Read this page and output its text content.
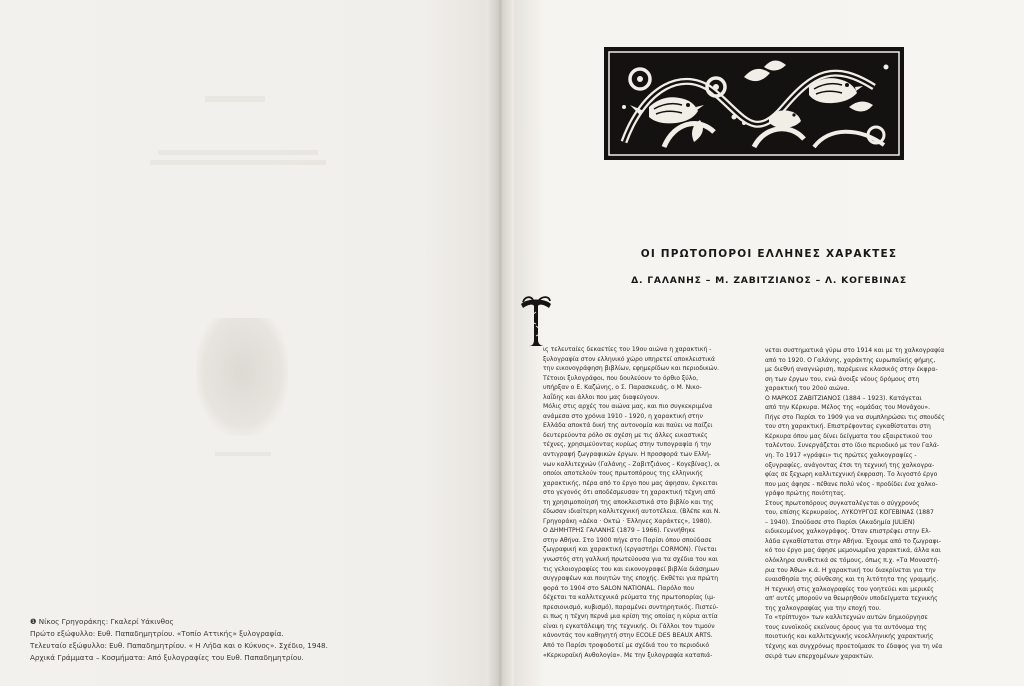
❶ Νίκος Γρηγοράκης: Γκαλερί Υάκινθος
Πρώτο εξώφυλλο: Ευθ. Παπαδημητρίου. «Τοπίο Αττικής» ξυλογραφία.
Τελευταίο εξώφυλλο: Ευθ. Παπαδημητρίου. « Η Λήδα και ο Κύκνος». Σχέδιο, 1948.
Αρχικά Γράμματα – Κοσμήματα: Από ξυλογραφίες του Ευθ. Παπαδημητρίου.
ΟΙ ΠΡΩΤΟΠΟΡΟΙ ΕΛΛΗΝΕΣ ΧΑΡΑΚΤΕΣ
Δ. ΓΑΛΑΝΗΣ – Μ. ΖΑΒΙΤΖΙΑΝΟΣ – Λ. ΚΟΓΕΒΙΝΑΣ
ις τελευταίες δεκαετίες του 19ου αιώνα η χαρακτική -
ξυλογραφία στον ελληνικό χώρο υπηρετεί αποκλειστικά
την εικονογράφηση βιβλίων, εφημερίδων και περιοδικών.
Τέτοιοι ξυλογράφοι, που δουλεύουν το όρθιο ξύλο,
υπήρξαν ο Ε. Καζώνης, ο Σ. Παρασκευάς, ο Μ. Νικο-
λαΐδης και άλλοι που μας διαφεύγουν.
Μόλις στις αρχές του αιώνα μας, και πιο συγκεκριμένα
ανάμεσα στο χρόνια 1910 - 1920, η χαρακτική στην
Ελλάδα αποκτά δική της αυτονομία και παύει να παίζει
δευτερεύοντα ρόλο σε σχέση με τις άλλες εικαστικές
τέχνες, χρησιμεύοντας κυρίως στην τυπογραφία ή την
αντιγραφή ζωγραφικών έργων. Η προσφορά των Ελλή-
νων καλλιτεχνών (Γαλάνης - Ζαβιτζιάνος - Κογεβίνας), οι
οποίοι αποτελούν τους πρωτοπόρους της ελληνικής
χαρακτικής, πέρα από το έργο που μας άφησαν, έγκειται
στο γεγονός ότι αποδέσμευσαν τη χαρακτική τέχνη από
τη χρησιμοποίησή της αποκλειστικά στο βιβλίο και της
έδωσαν ιδιαίτερη καλλιτεχνική αυτοτέλεια. (Βλέπε και Ν.
Γρηγοράκη «Δέκα · Οκτώ · Έλληνες Χαράκτες», 1980).
Ο ΔΗΜΗΤΡΗΣ ΓΑΛΑΝΗΣ (1879 – 1966). Γεννήθηκε
στην Αθήνα. Στο 1900 πήγε στο Παρίσι όπου σπούδασε
ζωγραφική και χαρακτική (εργαστήρι CORMON). Γίνεται
γνωστός στη γαλλική πρωτεύουσα για τα σχέδια του και
τις γελοιογραφίες του και εικονογραφεί βιβλία διάσημων
συγγραφέων και ποιητών της εποχής. Εκθέτει για πρώτη
φορά το 1904 στο SALON NATIONAL. Παρόλο που
δέχεται τα καλλιτεχνικά ρεύματα της πρωτοπορίας (ιμ-
πρεσιονισμό, κυβισμό), παραμένει συντηρητικός. Πιστεύ-
ει πως η τέχνη περνά μια κρίση της οποίας η κύρια αιτία
είναι η εγκατάλειψη της τεχνικής. Οι Γάλλοι τον τιμούν
κάνοντάς τον καθηγητή στην ECOLE DES BEAUX ARTS.
Από το Παρίσι τροφοδοτεί με σχέδιά του το περιοδικό
«Κερκυραϊκή Ανθολογία». Με την ξυλογραφία καταπιά-
νεται συστηματικά γύρω στο 1914 και με τη χαλκογραφία
από το 1920. Ο Γαλάνης, χαράκτης ευρωπαϊκής φήμης,
με διεθνή αναγνώριση, παρέμεινε κλασικός στην έκφρα-
ση των έργων του, ενώ άνοιξε νέους δρόμους στη
χαρακτική του 20ού αιώνα.
Ο ΜΑΡΚΟΣ ΖΑΒΙΤΖΙΑΝΟΣ (1884 – 1923). Κατάγεται
από την Κέρκυρα. Μέλος της «ομάδας του Μονάχου».
Πήγε στο Παρίσι το 1909 για να συμπληρώσει τις σπουδές
του στη χαρακτική. Επιστρέφοντας εγκαθίσταται στη
Κέρκυρα όπου μας δίνει δείγματα του εξαιρετικού του
ταλέντου. Συνεργάζεται στο ίδιο περιοδικό με τον Γαλά-
νη. Το 1917 «γράφει» τις πρώτες χαλκογραφίες -
οξυγραφίες, ανάγοντας έτσι τη τεχνική της χαλκογρα-
φίας σε ξεχωρη καλλιτεχνική έκφραση. Το λιγοστό έργο
που μας άφησε - πέθανε πολύ νέος - προδίδει ένα χαλκο-
γράφο πρώτης ποιότητας.
Στους πρωτοπόρους συγκαταλέγεται ο σύγχρονός
του, επίσης Κερκυραίος, ΛΥΚΟΥΡΓΟΣ ΚΟΓΕΒΙΝΑΣ (1887
– 1940). Σπούδασε στο Παρίσι (Ακαδημία JULIEN)
ειδικευμένος χαλκογράφος. Όταν επιστρέφει στην Ελ-
λάδα εγκαθίσταται στην Αθήνα. Έχουμε από το ζωγραφι-
κό του έργο μας άφησε μεμονωμένα χαρακτικά, άλλα και
ολόκληρα συνθετικά σε τόμους, όπως π.χ. «Τα Μοναστή-
ρια του Άθω» κ.ά. Η χαρακτική του διακρίνεται για την
ευαισθησία της σύνθεσης και τη λιτότητα της γραμμής.
Η τεχνική στις χαλκογραφίες του γοητεύει και μερικές
απ' αυτές μπορούν να θεωρηθούν υποδείγματα τεχνικής
της χαλκογραφίας για την εποχή του.
Το «τρίπτυχο» των καλλιτεχνών αυτών δημιούργησε
τους ευνοϊκούς εκείνους όρους για τα αυτόνομα της
ποιοτικής και καλλιτεχνικής νεοελληνικής χαρακτικής
τέχνης και συγχρόνως προετοίμασε το έδαφος για τη νέα
σειρά των επερχομένων χαρακτών.
